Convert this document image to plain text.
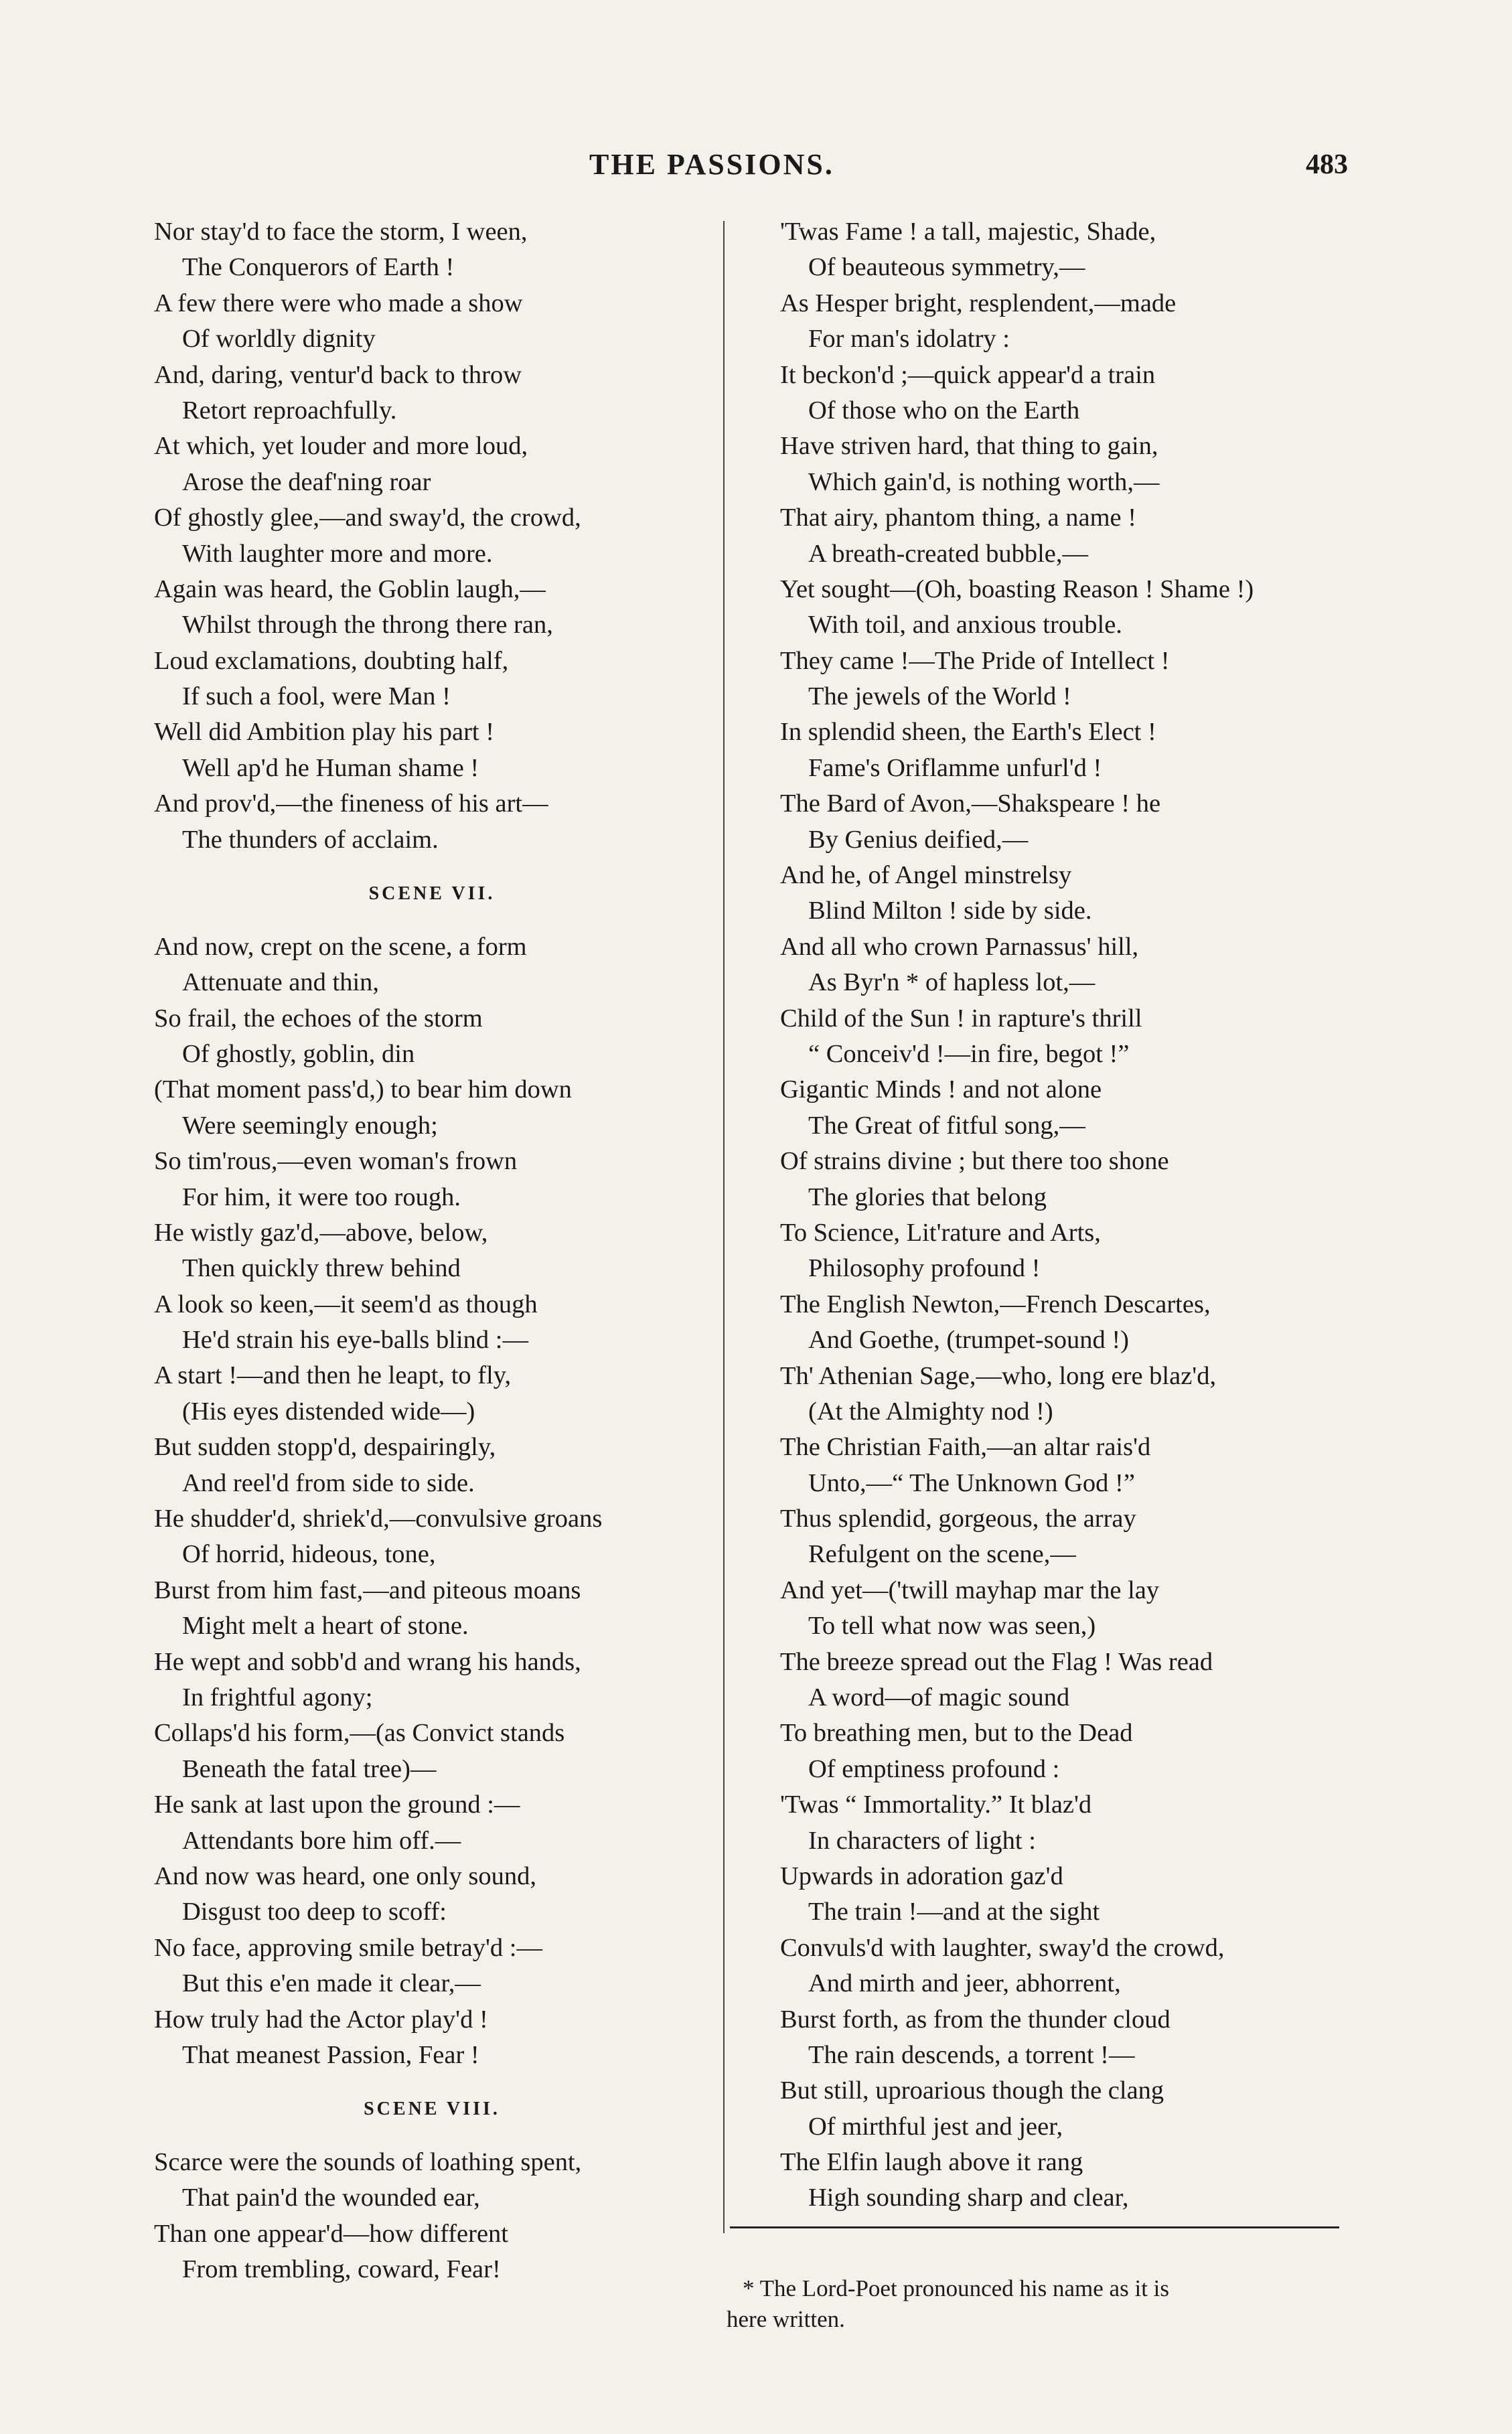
THE PASSIONS.	483
Nor stay'd to face the storm, I ween,
The Conquerors of Earth !
A few there were who made a show
Of worldly dignity
And, daring, ventur'd back to throw
Retort reproachfully.
At which, yet louder and more loud,
Arose the deaf'ning roar
Of ghostly glee,—and sway'd, the crowd,
With laughter more and more.
Again was heard, the Goblin laugh,—
Whilst through the throng there ran,
Loud exclamations, doubting half,
If such a fool, were Man !
Well did Ambition play his part !
Well ap'd he Human shame !
And prov'd,—the fineness of his art—
The thunders of acclaim.
SCENE VII.
And now, crept on the scene, a form
Attenuate and thin,
So frail, the echoes of the storm
Of ghostly, goblin, din
(That moment pass'd,) to bear him down
Were seemingly enough;
So tim'rous,—even woman's frown
For him, it were too rough.
He wistly gaz'd,—above, below,
Then quickly threw behind
A look so keen,—it seem'd as though
He'd strain his eye-balls blind :—
A start !—and then he leapt, to fly,
(His eyes distended wide—)
But sudden stopp'd, despairingly,
And reel'd from side to side.
He shudder'd, shriek'd,—convulsive groans
Of horrid, hideous, tone,
Burst from him fast,—and piteous moans
Might melt a heart of stone.
He wept and sobb'd and wrang his hands,
In frightful agony;
Collaps'd his form,—(as Convict stands
Beneath the fatal tree)—
He sank at last upon the ground :—
Attendants bore him off.—
And now was heard, one only sound,
Disgust too deep to scoff:
No face, approving smile betray'd :—
But this e'en made it clear,—
How truly had the Actor play'd !
That meanest Passion, Fear !
SCENE VIII.
Scarce were the sounds of loathing spent,
That pain'd the wounded ear,
Than one appear'd—how different
From trembling, coward, Fear!
'Twas Fame ! a tall, majestic, Shade,
Of beauteous symmetry,—
As Hesper bright, resplendent,—made
For man's idolatry :
It beckon'd ;—quick appear'd a train
Of those who on the Earth
Have striven hard, that thing to gain,
Which gain'd, is nothing worth,—
That airy, phantom thing, a name !
A breath-created bubble,—
Yet sought—(Oh, boasting Reason ! Shame !)
With toil, and anxious trouble.
They came !—The Pride of Intellect !
The jewels of the World !
In splendid sheen, the Earth's Elect !
Fame's Oriflamme unfurl'd !
The Bard of Avon,—Shakspeare ! he
By Genius deified,—
And he, of Angel minstrelsy
Blind Milton ! side by side.
And all who crown Parnassus' hill,
As Byr'n * of hapless lot,—
Child of the Sun ! in rapture's thrill
“ Conceiv'd !—in fire, begot !”
Gigantic Minds ! and not alone
The Great of fitful song,—
Of strains divine ; but there too shone
The glories that belong
To Science, Lit'rature and Arts,
Philosophy profound !
The English Newton,—French Descartes,
And Goethe, (trumpet-sound !)
Th' Athenian Sage,—who, long ere blaz'd,
(At the Almighty nod !)
The Christian Faith,—an altar rais'd
Unto,—“ The Unknown God !”
Thus splendid, gorgeous, the array
Refulgent on the scene,—
And yet—('twill mayhap mar the lay
To tell what now was seen,)
The breeze spread out the Flag ! Was read
A word—of magic sound
To breathing men, but to the Dead
Of emptiness profound :
'Twas “ Immortality.” It blaz'd
In characters of light :
Upwards in adoration gaz'd
The train !—and at the sight
Convuls'd with laughter, sway'd the crowd,
And mirth and jeer, abhorrent,
Burst forth, as from the thunder cloud
The rain descends, a torrent !—
But still, uproarious though the clang
Of mirthful jest and jeer,
The Elfin laugh above it rang
High sounding sharp and clear,
* The Lord-Poet pronounced his name as it is
here written.
